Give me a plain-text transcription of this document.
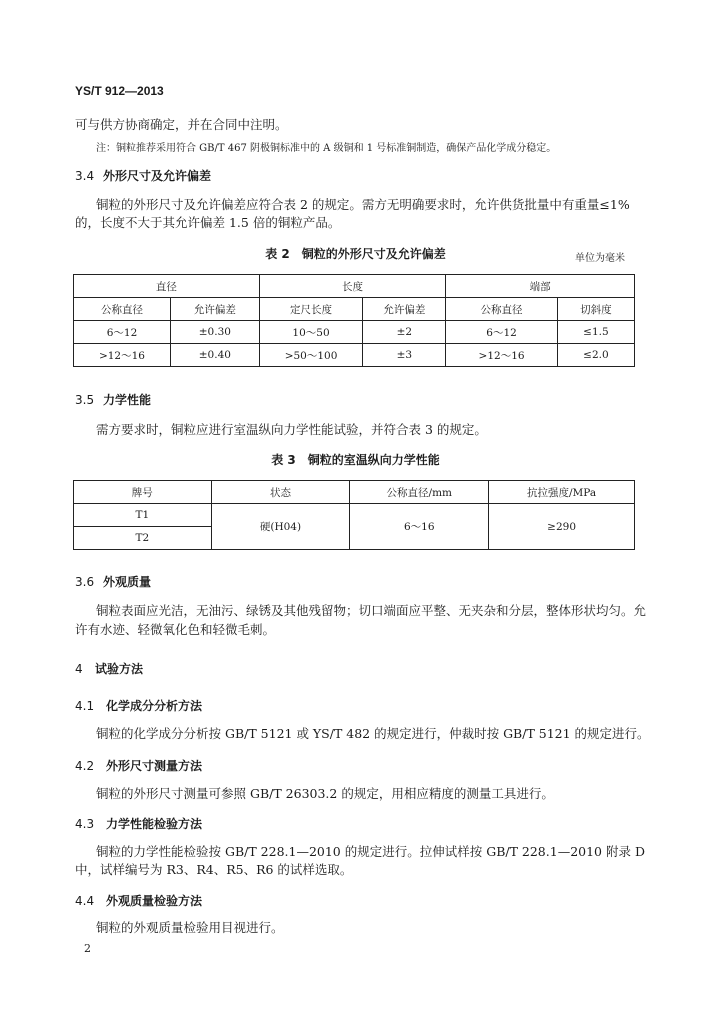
YS/T 912—2013
可与供方协商确定，并在合同中注明。
注：铜粒推荐采用符合 GB/T 467 阴极铜标准中的 A 级铜和 1 号标准铜制造，确保产品化学成分稳定。
3.4 外形尺寸及允许偏差
铜粒的外形尺寸及允许偏差应符合表 2 的规定。需方无明确要求时，允许供货批量中有重量≤1%
的，长度不大于其允许偏差 1.5 倍的铜粒产品。
表 2　铜粒的外形尺寸及允许偏差	单位为毫米
直径		长度		端部	
公称直径	允许偏差	定尺长度	允许偏差	公称直径	切斜度
6～12	±0.30	10～50	±2	6～12	≤1.5
>12～16	±0.40	>50～100	±3	>12～16	≤2.0
3.5 力学性能
需方要求时，铜粒应进行室温纵向力学性能试验，并符合表 3 的规定。
表 3　铜粒的室温纵向力学性能
牌号	状态	公称直径/mm	抗拉强度/MPa
T1	硬(H04)	6～16	≥290
T2			
3.6 外观质量
铜粒表面应光洁，无油污、绿锈及其他残留物；切口端面应平整、无夹杂和分层，整体形状均匀。允
许有水迹、轻微氧化色和轻微毛刺。
4 试验方法
4.1 化学成分分析方法
铜粒的化学成分分析按 GB/T 5121 或 YS/T 482 的规定进行，仲裁时按 GB/T 5121 的规定进行。
4.2 外形尺寸测量方法
铜粒的外形尺寸测量可参照 GB/T 26303.2 的规定，用相应精度的测量工具进行。
4.3 力学性能检验方法
铜粒的力学性能检验按 GB/T 228.1—2010 的规定进行。拉伸试样按 GB/T 228.1—2010 附录 D
中，试样编号为 R3、R4、R5、R6 的试样选取。
4.4 外观质量检验方法
铜粒的外观质量检验用目视进行。
2
